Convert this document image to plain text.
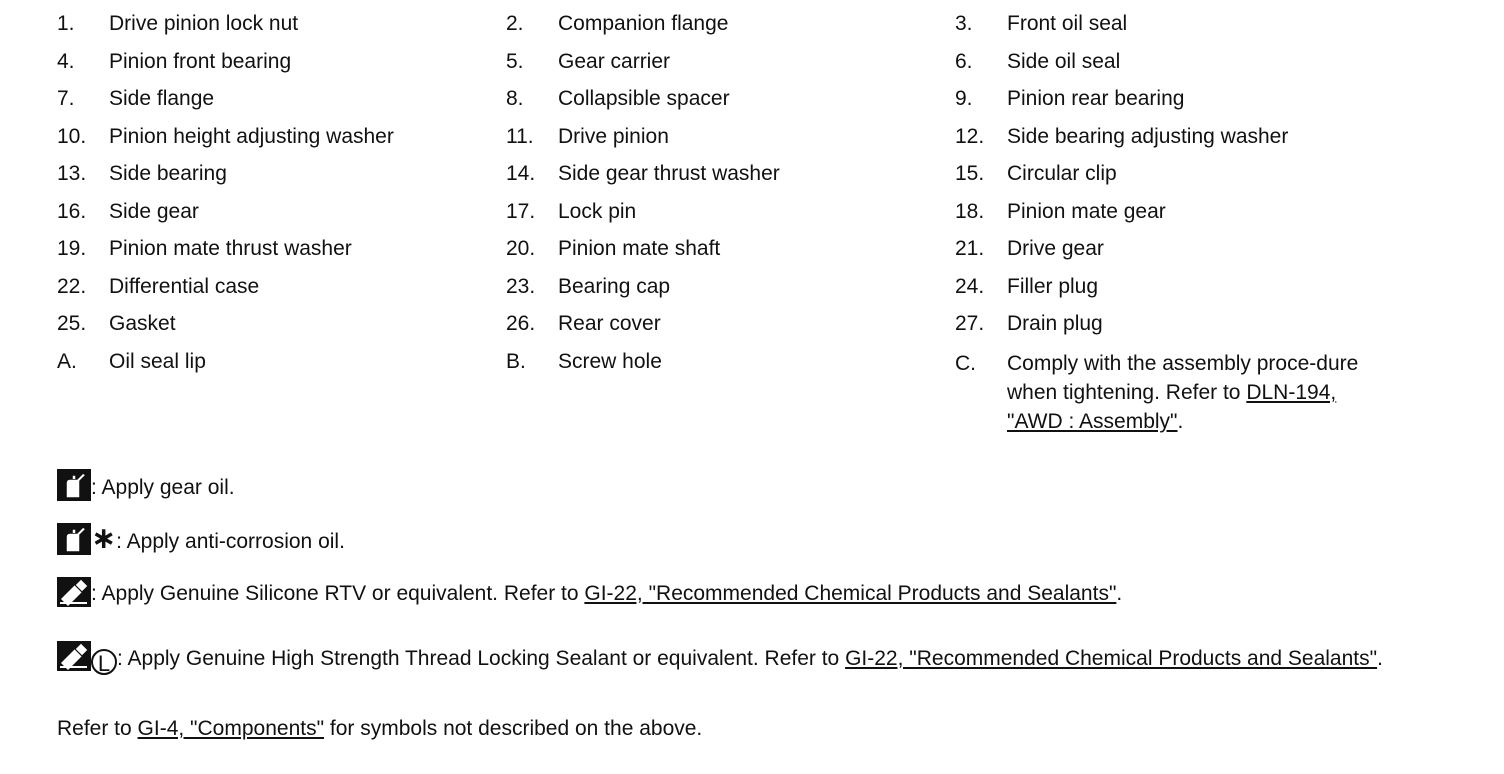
1. Drive pinion lock nut	2. Companion flange	3. Front oil seal
4. Pinion front bearing	5. Gear carrier	6. Side oil seal
7. Side flange	8. Collapsible spacer	9. Pinion rear bearing
10. Pinion height adjusting washer	11. Drive pinion	12. Side bearing adjusting washer
13. Side bearing	14. Side gear thrust washer	15. Circular clip
16. Side gear	17. Lock pin	18. Pinion mate gear
19. Pinion mate thrust washer	20. Pinion mate shaft	21. Drive gear
22. Differential case	23. Bearing cap	24. Filler plug
25. Gasket	26. Rear cover	27. Drain plug
A. Oil seal lip	B. Screw hole	C. Comply with the assembly proce-dure when tightening. Refer to DLN-194, "AWD : Assembly".
: Apply gear oil.
∗: Apply anti-corrosion oil.
: Apply Genuine Silicone RTV or equivalent. Refer to GI-22, "Recommended Chemical Products and Sealants".
L : Apply Genuine High Strength Thread Locking Sealant or equivalent. Refer to GI-22, "Recommended Chemical Products and Sealants".
Refer to GI-4, "Components" for symbols not described on the above.
